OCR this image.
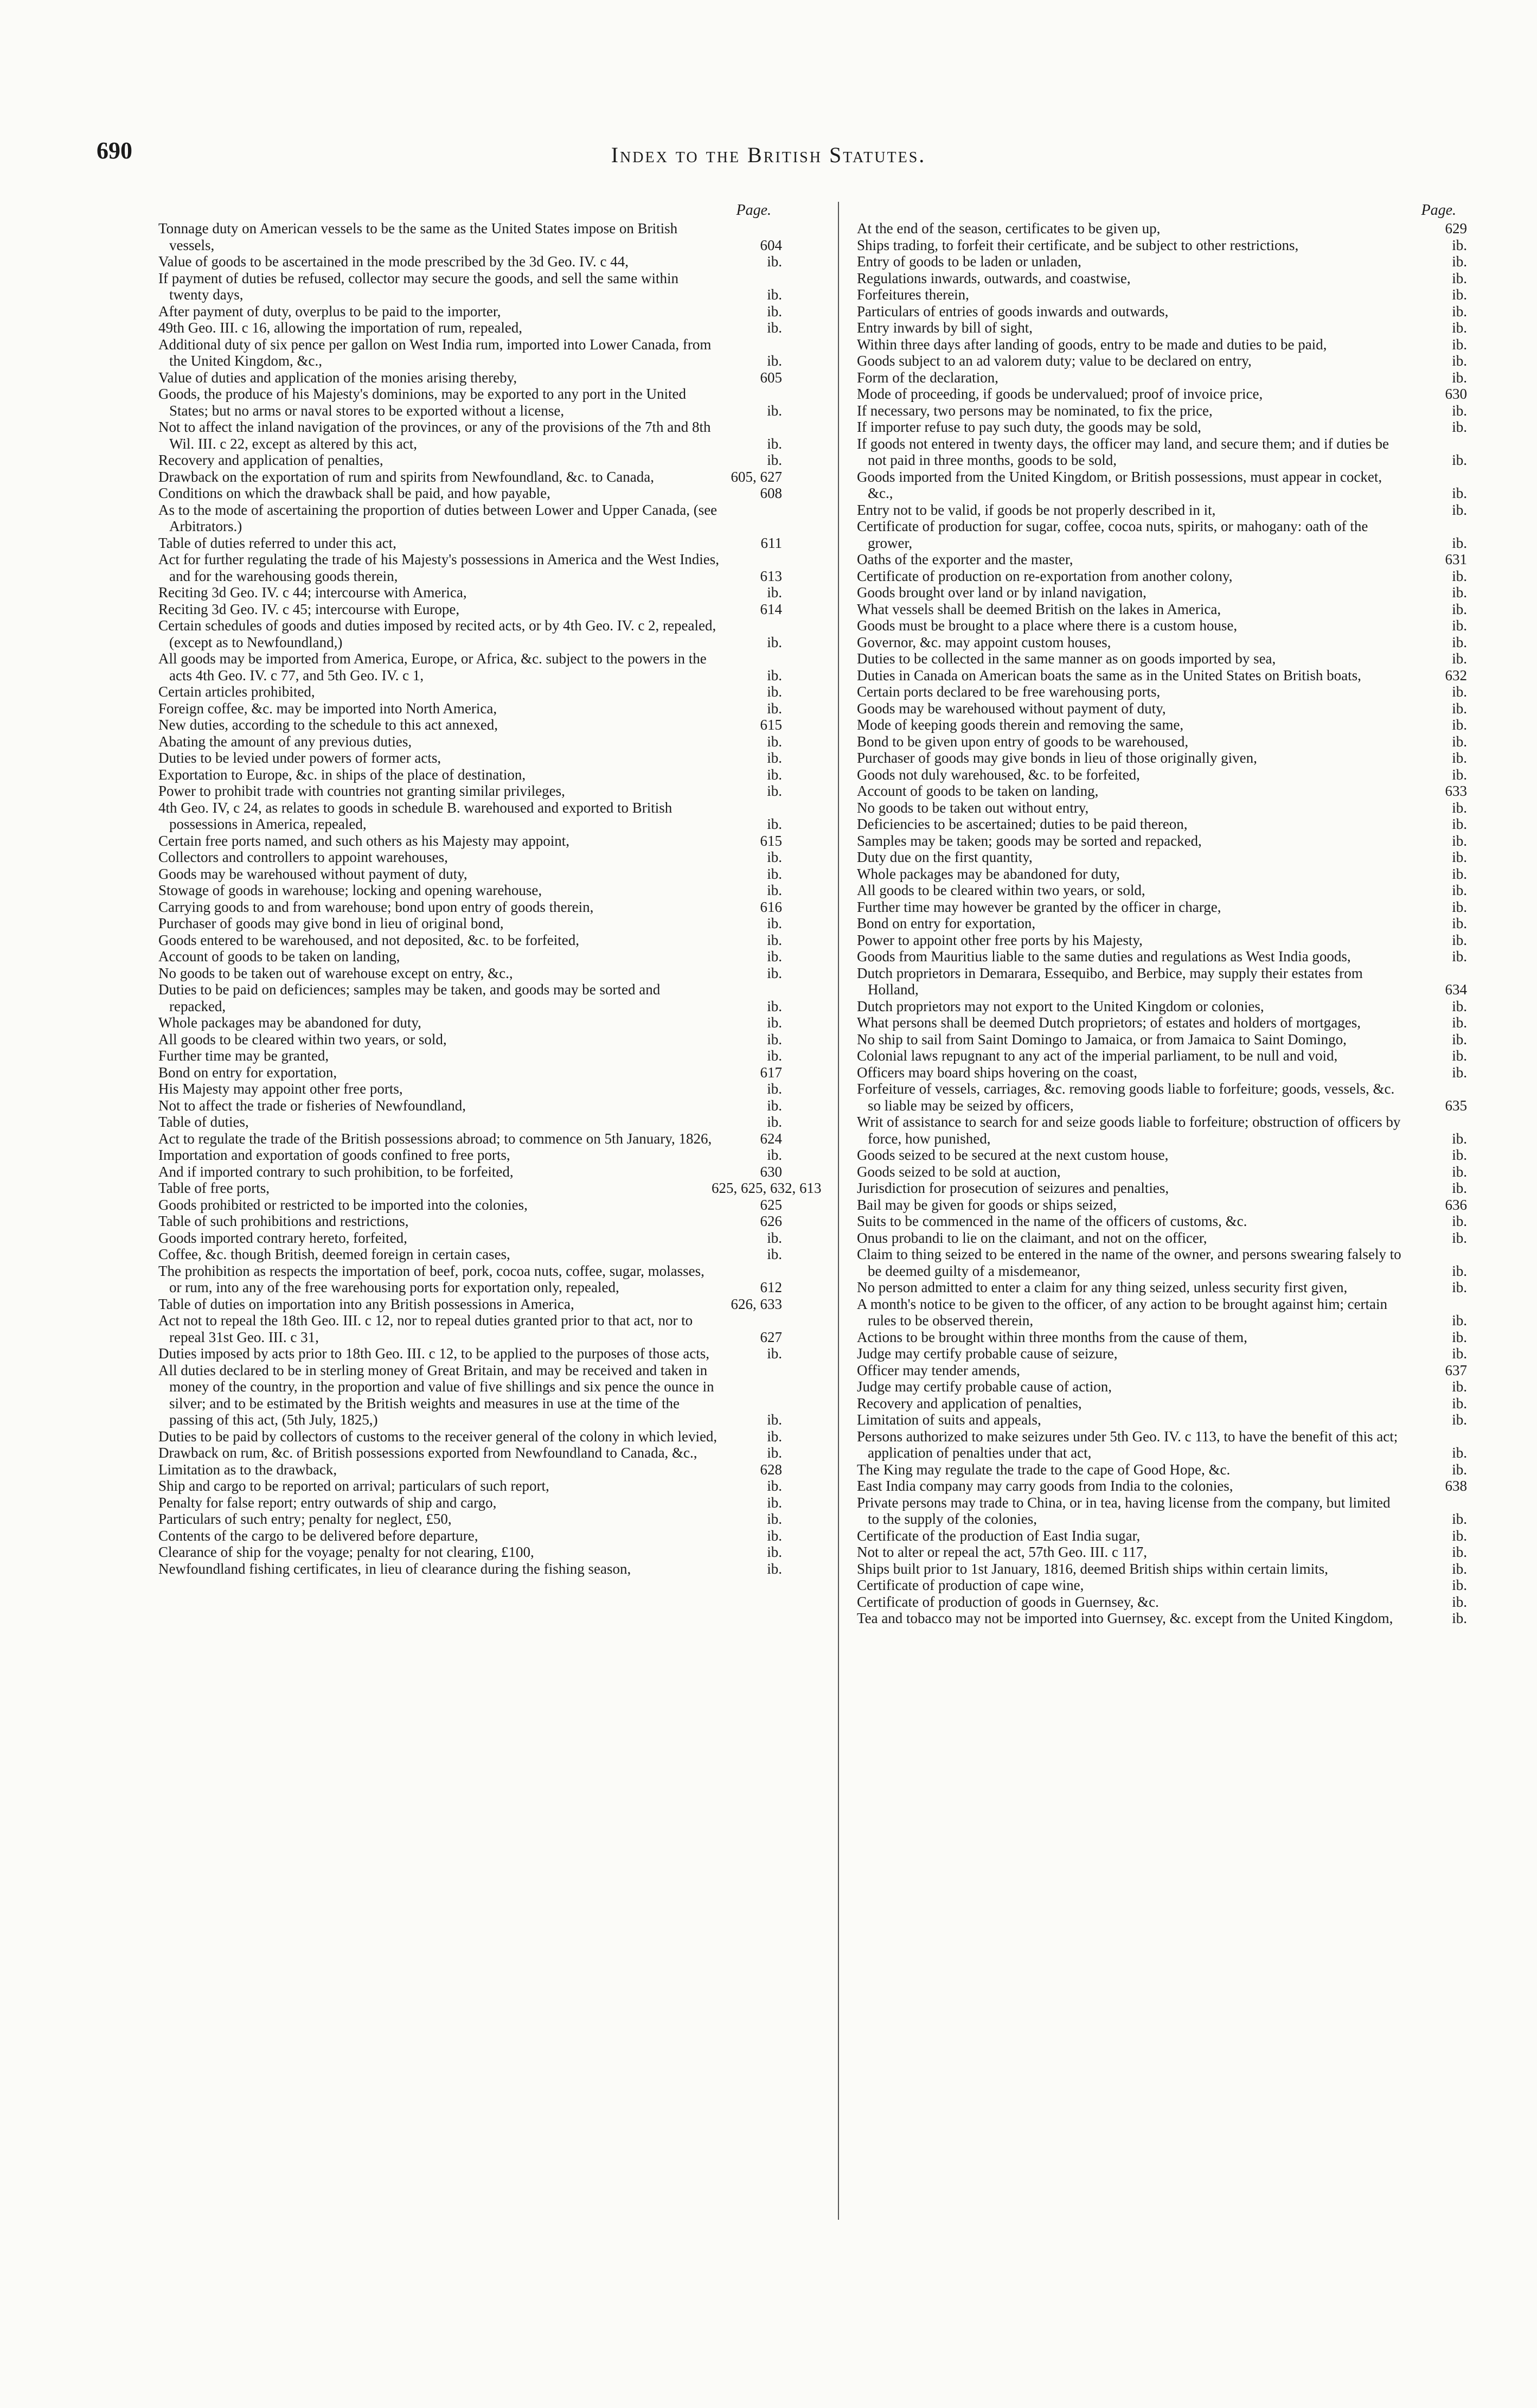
690	Index to the British Statutes.
Page.
Tonnage duty on American vessels to be the same as the United States impose on British vessels,	604
Value of goods to be ascertained in the mode prescribed by the 3d Geo. IV. c 44,	ib.
If payment of duties be refused, collector may secure the goods, and sell the same within twenty days,	ib.
After payment of duty, overplus to be paid to the importer,	ib.
49th Geo. III. c 16, allowing the importation of rum, repealed,	ib.
Additional duty of six pence per gallon on West India rum, imported into Lower Canada, from the United Kingdom, &c.,	ib.
Value of duties and application of the monies arising thereby,	605
Goods, the produce of his Majesty's dominions, may be exported to any port in the United States; but no arms or naval stores to be exported without a license,	ib.
Not to affect the inland navigation of the provinces, or any of the provisions of the 7th and 8th Wil. III. c 22, except as altered by this act,	ib.
Recovery and application of penalties,	ib.
Drawback on the exportation of rum and spirits from Newfoundland, &c. to Canada,	605, 627
Conditions on which the drawback shall be paid, and how payable,	608
As to the mode of ascertaining the proportion of duties between Lower and Upper Canada, (see Arbitrators.)
Table of duties referred to under this act,	611
Act for further regulating the trade of his Majesty's possessions in America and the West Indies, and for the warehousing goods therein,	613
Reciting 3d Geo. IV. c 44; intercourse with America,	ib.
Reciting 3d Geo. IV. c 45; intercourse with Europe,	614
Certain schedules of goods and duties imposed by recited acts, or by 4th Geo. IV. c 2, repealed, (except as to Newfoundland,)	ib.
All goods may be imported from America, Europe, or Africa, &c. subject to the powers in the acts 4th Geo. IV. c 77, and 5th Geo. IV. c 1,	ib.
Certain articles prohibited,	ib.
Foreign coffee, &c. may be imported into North America,	ib.
New duties, according to the schedule to this act annexed,	615
Abating the amount of any previous duties,	ib.
Duties to be levied under powers of former acts,	ib.
Exportation to Europe, &c. in ships of the place of destination,	ib.
Power to prohibit trade with countries not granting similar privileges,	ib.
4th Geo. IV, c 24, as relates to goods in schedule B. warehoused and exported to British possessions in America, repealed,	ib.
Certain free ports named, and such others as his Majesty may appoint,	615
Collectors and controllers to appoint warehouses,	ib.
Goods may be warehoused without payment of duty,	ib.
Stowage of goods in warehouse; locking and opening warehouse,	ib.
Carrying goods to and from warehouse; bond upon entry of goods therein,	616
Purchaser of goods may give bond in lieu of original bond,	ib.
Goods entered to be warehoused, and not deposited, &c. to be forfeited,	ib.
Account of goods to be taken on landing,	ib.
No goods to be taken out of warehouse except on entry, &c.,	ib.
Duties to be paid on deficiences; samples may be taken, and goods may be sorted and repacked,	ib.
Whole packages may be abandoned for duty,	ib.
All goods to be cleared within two years, or sold,	ib.
Further time may be granted,	ib.
Bond on entry for exportation,	617
His Majesty may appoint other free ports,	ib.
Not to affect the trade or fisheries of Newfoundland,	ib.
Table of duties,	ib.
Act to regulate the trade of the British possessions abroad; to commence on 5th January, 1826,	624
Importation and exportation of goods confined to free ports,	ib.
And if imported contrary to such prohibition, to be forfeited,	630
Table of free ports,	625, 625, 632, 613
Goods prohibited or restricted to be imported into the colonies,	625
Table of such prohibitions and restrictions,	626
Goods imported contrary hereto, forfeited,	ib.
Coffee, &c. though British, deemed foreign in certain cases,	ib.
The prohibition as respects the importation of beef, pork, cocoa nuts, coffee, sugar, molasses, or rum, into any of the free warehousing ports for exportation only, repealed,	612
Table of duties on importation into any British possessions in America,	626, 633
Act not to repeal the 18th Geo. III. c 12, nor to repeal duties granted prior to that act, nor to repeal 31st Geo. III. c 31,	627
Duties imposed by acts prior to 18th Geo. III. c 12, to be applied to the purposes of those acts,	ib.
All duties declared to be in sterling money of Great Britain, and may be received and taken in money of the country, in the proportion and value of five shillings and six pence the ounce in silver; and to be estimated by the British weights and measures in use at the time of the passing of this act, (5th July, 1825,)	ib.
Duties to be paid by collectors of customs to the receiver general of the colony in which levied,	ib.
Drawback on rum, &c. of British possessions exported from Newfoundland to Canada, &c.,	ib.
Limitation as to the drawback,	628
Ship and cargo to be reported on arrival; particulars of such report,	ib.
Penalty for false report; entry outwards of ship and cargo,	ib.
Particulars of such entry; penalty for neglect, £50,	ib.
Contents of the cargo to be delivered before departure,	ib.
Clearance of ship for the voyage; penalty for not clearing, £100,	ib.
Newfoundland fishing certificates, in lieu of clearance during the fishing season,	ib.
Page.
At the end of the season, certificates to be given up,	629
Ships trading, to forfeit their certificate, and be subject to other restrictions,	ib.
Entry of goods to be laden or unladen,	ib.
Regulations inwards, outwards, and coastwise,	ib.
Forfeitures therein,	ib.
Particulars of entries of goods inwards and outwards,	ib.
Entry inwards by bill of sight,	ib.
Within three days after landing of goods, entry to be made and duties to be paid,	ib.
Goods subject to an ad valorem duty; value to be declared on entry,	ib.
Form of the declaration,	ib.
Mode of proceeding, if goods be undervalued; proof of invoice price,	630
If necessary, two persons may be nominated, to fix the price,	ib.
If importer refuse to pay such duty, the goods may be sold,	ib.
If goods not entered in twenty days, the officer may land, and secure them; and if duties be not paid in three months, goods to be sold,	ib.
Goods imported from the United Kingdom, or British possessions, must appear in cocket, &c.,	ib.
Entry not to be valid, if goods be not properly described in it,	ib.
Certificate of production for sugar, coffee, cocoa nuts, spirits, or mahogany: oath of the grower,	ib.
Oaths of the exporter and the master,	631
Certificate of production on re-exportation from another colony,	ib.
Goods brought over land or by inland navigation,	ib.
What vessels shall be deemed British on the lakes in America,	ib.
Goods must be brought to a place where there is a custom house,	ib.
Governor, &c. may appoint custom houses,	ib.
Duties to be collected in the same manner as on goods imported by sea,	ib.
Duties in Canada on American boats the same as in the United States on British boats,	632
Certain ports declared to be free warehousing ports,	ib.
Goods may be warehoused without payment of duty,	ib.
Mode of keeping goods therein and removing the same,	ib.
Bond to be given upon entry of goods to be warehoused,	ib.
Purchaser of goods may give bonds in lieu of those originally given,	ib.
Goods not duly warehoused, &c. to be forfeited,	ib.
Account of goods to be taken on landing,	633
No goods to be taken out without entry,	ib.
Deficiencies to be ascertained; duties to be paid thereon,	ib.
Samples may be taken; goods may be sorted and repacked,	ib.
Duty due on the first quantity,	ib.
Whole packages may be abandoned for duty,	ib.
All goods to be cleared within two years, or sold,	ib.
Further time may however be granted by the officer in charge,	ib.
Bond on entry for exportation,	ib.
Power to appoint other free ports by his Majesty,	ib.
Goods from Mauritius liable to the same duties and regulations as West India goods,	ib.
Dutch proprietors in Demarara, Essequibo, and Berbice, may supply their estates from Holland,	634
Dutch proprietors may not export to the United Kingdom or colonies,	ib.
What persons shall be deemed Dutch proprietors; of estates and holders of mortgages,	ib.
No ship to sail from Saint Domingo to Jamaica, or from Jamaica to Saint Domingo,	ib.
Colonial laws repugnant to any act of the imperial parliament, to be null and void,	ib.
Officers may board ships hovering on the coast,	ib.
Forfeiture of vessels, carriages, &c. removing goods liable to forfeiture; goods, vessels, &c. so liable may be seized by officers,	635
Writ of assistance to search for and seize goods liable to forfeiture; obstruction of officers by force, how punished,	ib.
Goods seized to be secured at the next custom house,	ib.
Goods seized to be sold at auction,	ib.
Jurisdiction for prosecution of seizures and penalties,	ib.
Bail may be given for goods or ships seized,	636
Suits to be commenced in the name of the officers of customs, &c.	ib.
Onus probandi to lie on the claimant, and not on the officer,	ib.
Claim to thing seized to be entered in the name of the owner, and persons swearing falsely to be deemed guilty of a misdemeanor,	ib.
No person admitted to enter a claim for any thing seized, unless security first given,	ib.
A month's notice to be given to the officer, of any action to be brought against him; certain rules to be observed therein,	ib.
Actions to be brought within three months from the cause of them,	ib.
Judge may certify probable cause of seizure,	ib.
Officer may tender amends,	637
Judge may certify probable cause of action,	ib.
Recovery and application of penalties,	ib.
Limitation of suits and appeals,	ib.
Persons authorized to make seizures under 5th Geo. IV. c 113, to have the benefit of this act; application of penalties under that act,	ib.
The King may regulate the trade to the cape of Good Hope, &c.	ib.
East India company may carry goods from India to the colonies,	638
Private persons may trade to China, or in tea, having license from the company, but limited to the supply of the colonies,	ib.
Certificate of the production of East India sugar,	ib.
Not to alter or repeal the act, 57th Geo. III. c 117,	ib.
Ships built prior to 1st January, 1816, deemed British ships within certain limits,	ib.
Certificate of production of cape wine,	ib.
Certificate of production of goods in Guernsey, &c.	ib.
Tea and tobacco may not be imported into Guernsey, &c. except from the United Kingdom,	ib.
